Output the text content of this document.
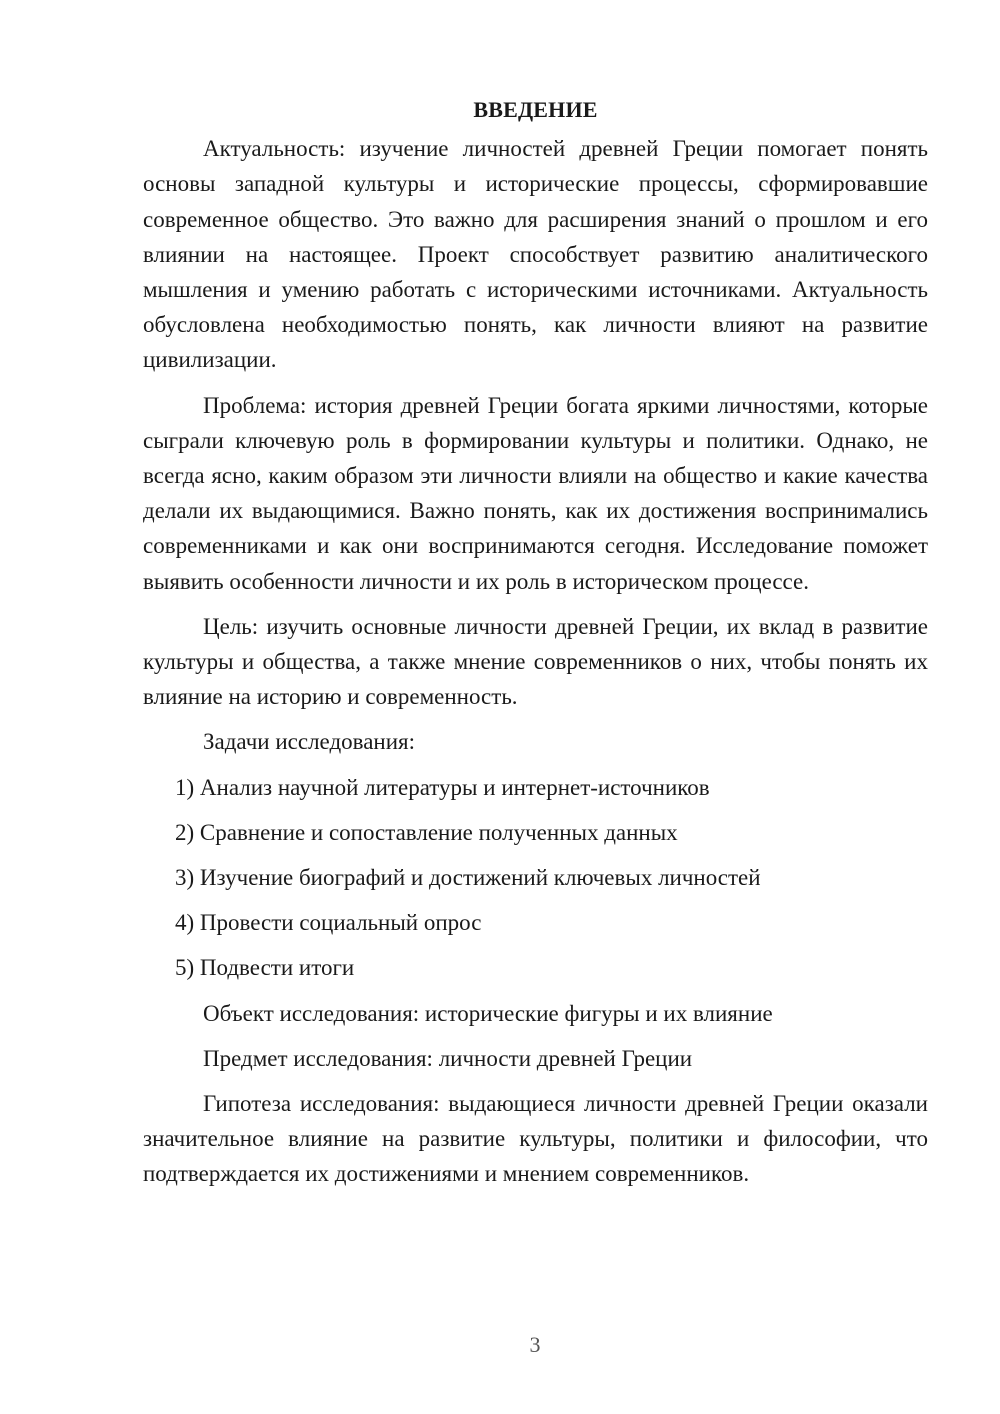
ВВЕДЕНИЕ

Актуальность: изучение личностей древней Греции помогает понять основы западной культуры и исторические процессы, сформировавшие современное общество. Это важно для расширения знаний о прошлом и его влиянии на настоящее. Проект способствует развитию аналитического мышления и умению работать с историческими источниками. Актуальность обусловлена необходимостью понять, как личности влияют на развитие цивилизации.

Проблема: история древней Греции богата яркими личностями, которые сыграли ключевую роль в формировании культуры и политики. Однако, не всегда ясно, каким образом эти личности влияли на общество и какие качества делали их выдающимися. Важно понять, как их достижения воспринимались современниками и как они воспринимаются сегодня. Исследование поможет выявить особенности личности и их роль в историческом процессе.

Цель: изучить основные личности древней Греции, их вклад в развитие культуры и общества, а также мнение современников о них, чтобы понять их влияние на историю и современность.

Задачи исследования:

1) Анализ научной литературы и интернет-источников
2) Сравнение и сопоставление полученных данных
3) Изучение биографий и достижений ключевых личностей
4) Провести социальный опрос
5) Подвести итоги

Объект исследования: исторические фигуры и их влияние

Предмет исследования: личности древней Греции

Гипотеза исследования: выдающиеся личности древней Греции оказали значительное влияние на развитие культуры, политики и философии, что подтверждается их достижениями и мнением современников.

3
